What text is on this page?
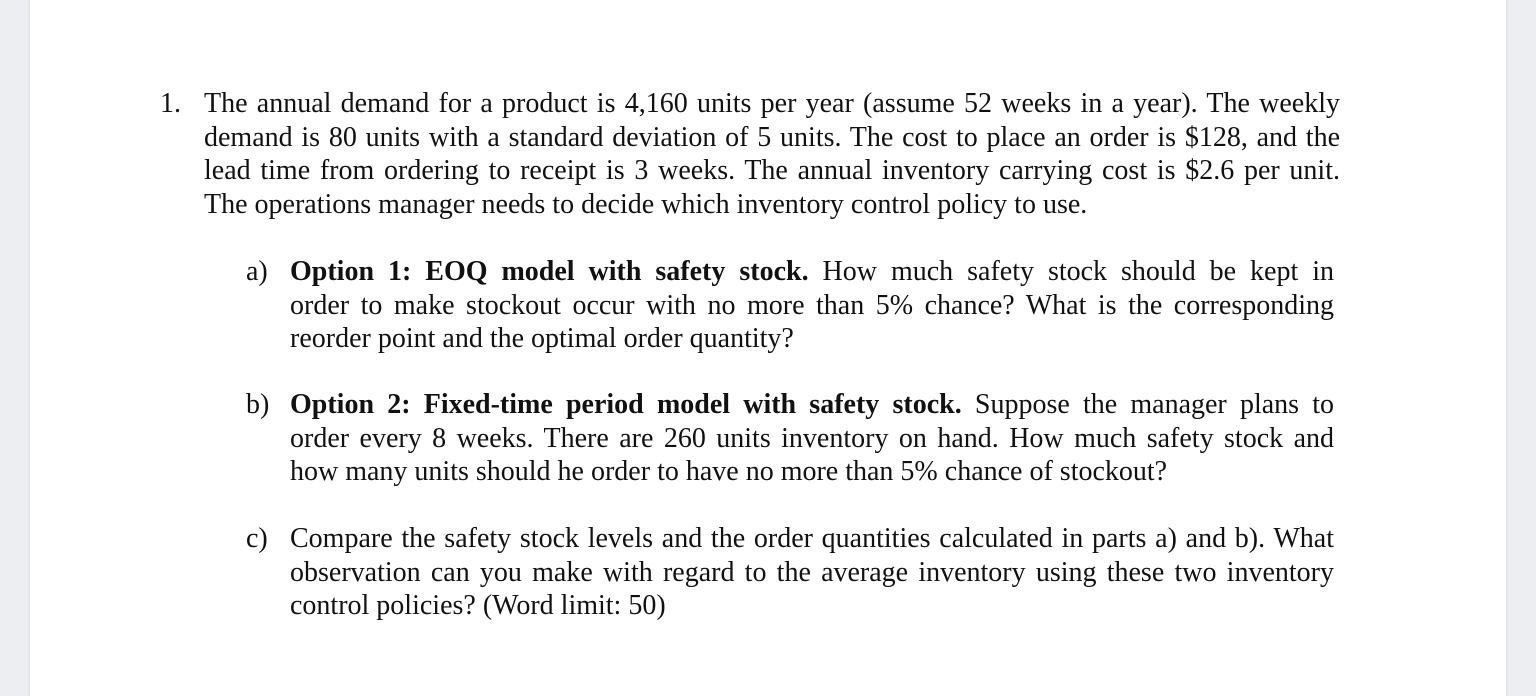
1. The annual demand for a product is 4,160 units per year (assume 52 weeks in a year). The weekly
demand is 80 units with a standard deviation of 5 units. The cost to place an order is $128, and the
lead time from ordering to receipt is 3 weeks. The annual inventory carrying cost is $2.6 per unit.
The operations manager needs to decide which inventory control policy to use.
a) Option 1: EOQ model with safety stock. How much safety stock should be kept in
order to make stockout occur with no more than 5% chance? What is the corresponding
reorder point and the optimal order quantity?
b) Option 2: Fixed-time period model with safety stock. Suppose the manager plans to
order every 8 weeks. There are 260 units inventory on hand. How much safety stock and
how many units should he order to have no more than 5% chance of stockout?
c) Compare the safety stock levels and the order quantities calculated in parts a) and b). What
observation can you make with regard to the average inventory using these two inventory
control policies? (Word limit: 50)
